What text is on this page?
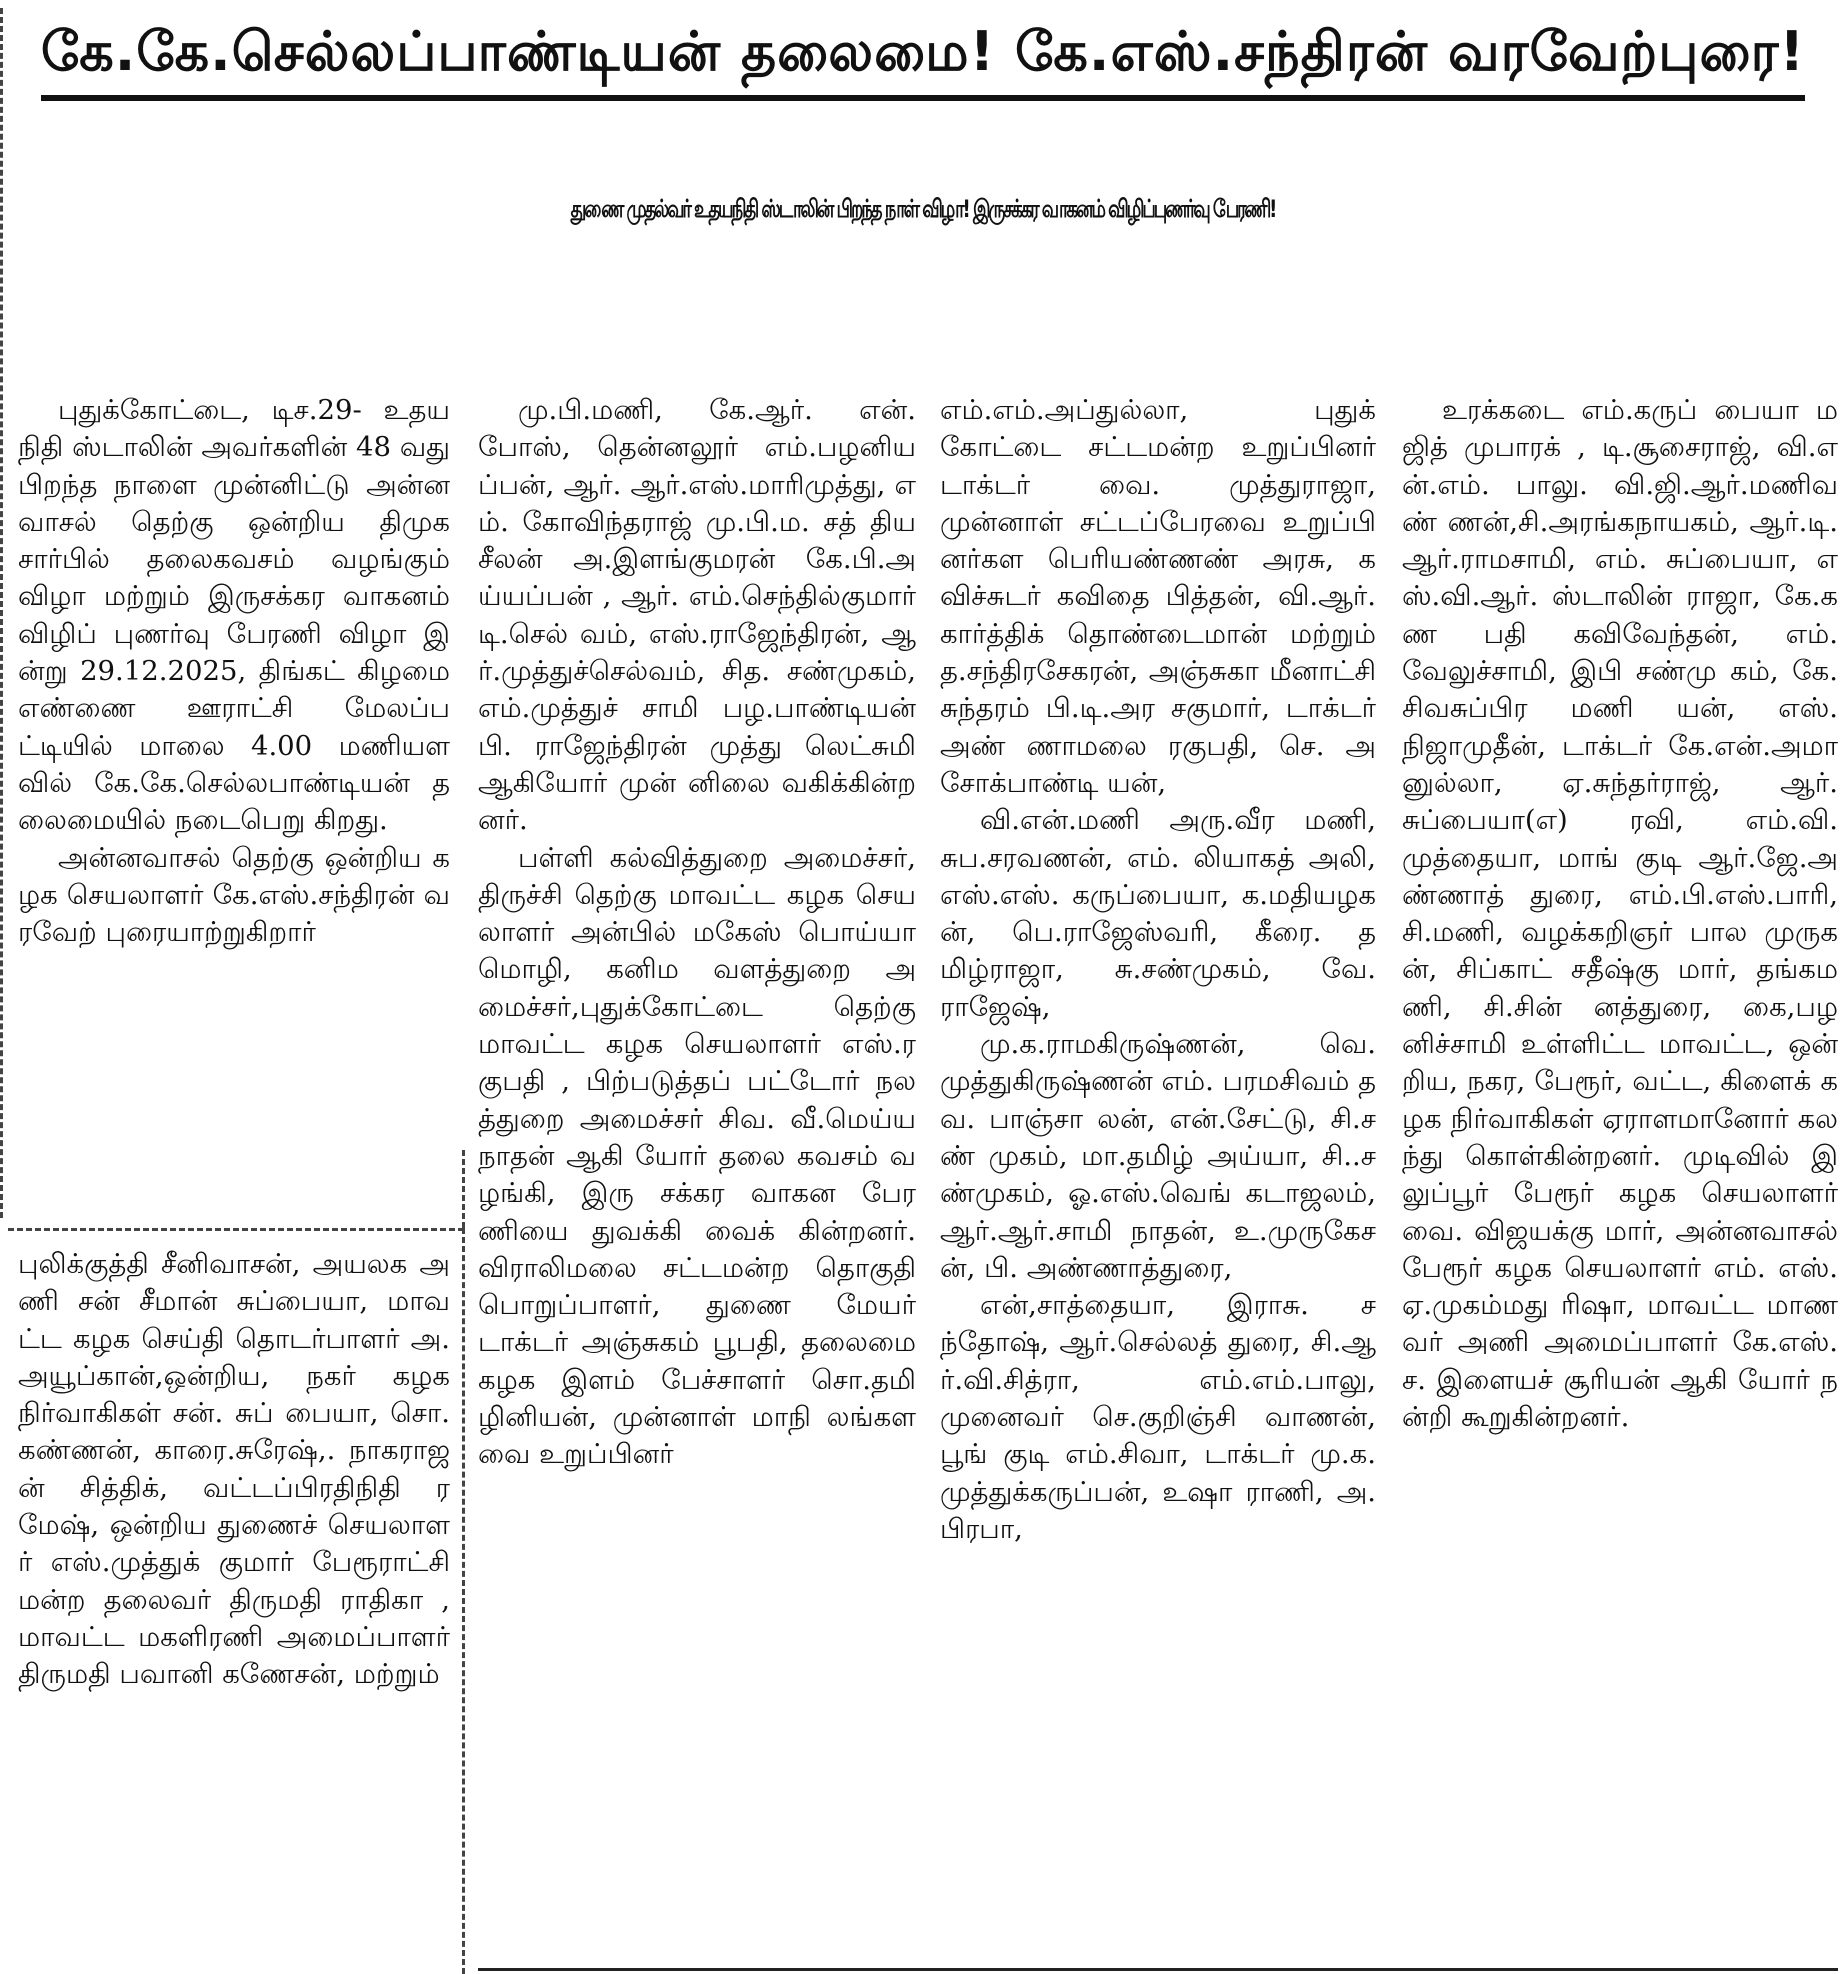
கே.கே.செல்லப்பாண்டியன் தலைமை! கே.எஸ்.சந்திரன் வரவேற்புரை!
துணை முதல்வர் உதயநிதி ஸ்டாலின் பிறந்த நாள் விழா! இருசக்கர வாகனம் விழிப்புணர்வு பேரணி!

புதுக்கோட்டை, டிச.29- உதயநிதி ஸ்டாலின் அவர்களின் 48 வது பிறந்த நாளை முன்னிட்டு அன்ன வாசல் தெற்கு ஒன்றிய திமுக சார்பில் தலைகவசம் வழங்கும் விழா மற்றும் இருசக்கர வாகனம் விழிப் புணர்வு பேரணி விழா இன்று 29.12.2025, திங்கட் கிழமை எண்ணை ஊராட்சி மேலப்பட்டியில் மாலை 4.00 மணியளவில் கே.கே.செல்லபாண்டியன் தலைமையில் நடைபெறு கிறது.

அன்னவாசல் தெற்கு ஒன்றிய கழக செயலாளர் கே.எஸ்.சந்திரன் வரவேற் புரையாற்றுகிறார்

புலிக்குத்தி சீனிவாசன், அயலக அணி சன் சீமான் சுப்பையா, மாவட்ட கழக செய்தி தொடர்பாளர் அ.அயூப்கான்,ஒன்றிய, நகர் கழக நிர்வாகிகள் சன். சுப் பையா, சொ.கண்ணன், காரை.சுரேஷ்,. நாகராஜன் சித்திக், வட்டப்பிரதிநிதி ரமேஷ், ஒன்றிய துணைச் செயலாளர் எஸ்.முத்துக் குமார் பேரூராட்சி மன்ற தலைவர் திருமதி ராதிகா , மாவட்ட மகளிரணி அமைப்பாளர் திருமதி பவானி கணேசன், மற்றும்

மு.பி.மணி, கே.ஆர். என்.போஸ், தென்னலூர் எம்.பழனியப்பன், ஆர். ஆர்.எஸ்.மாரிமுத்து, எம். கோவிந்தராஜ் மு.பி.ம. சத் தியசீலன் அ.இளங்குமரன் கே.பி.அய்யப்பன் , ஆர். எம்.செந்தில்குமார் டி.செல் வம், எஸ்.ராஜேந்திரன், ஆர்.முத்துச்செல்வம், சித. சண்முகம், எம்.முத்துச் சாமி பழ.பாண்டியன் பி. ராஜேந்திரன் முத்து லெட்சுமி ஆகியோர் முன் னிலை வகிக்கின்றனர்.

பள்ளி கல்வித்துறை அமைச்சர், திருச்சி தெற்கு மாவட்ட கழக செயலாளர் அன்பில் மகேஸ் பொய்யா மொழி, கனிம வளத்துறை அமைச்சர்,புதுக்கோட்டை தெற்கு மாவட்ட கழக செயலாளர் எஸ்.ரகுபதி , பிற்படுத்தப் பட்டோர் நலத்துறை அமைச்சர் சிவ. வீ.மெய்யநாதன் ஆகி யோர் தலை கவசம் வழங்கி, இரு சக்கர வாகன பேரணியை துவக்கி வைக் கின்றனர். விராலிமலை சட்டமன்ற தொகுதி பொறுப்பாளர், துணை மேயர் டாக்டர் அஞ்சுகம் பூபதி, தலைமை கழக இளம் பேச்சாளர் சொ.தமி ழினியன், முன்னாள் மாநி லங்களவை உறுப்பினர்

எம்.எம்.அப்துல்லா, புதுக் கோட்டை சட்டமன்ற உறுப்பினர் டாக்டர் வை. முத்துராஜா, முன்னாள் சட்டப்பேரவை உறுப்பி னர்கள பெரியண்ணண் அரசு, கவிச்சுடர் கவிதை பித்தன், வி.ஆர்.கார்த்திக் தொண்டைமான் மற்றும் த.சந்திரசேகரன், அஞ்சுகா மீனாட்சி சுந்தரம் பி.டி.அர சகுமார், டாக்டர் அண் ணாமலை ரகுபதி, செ. அசோக்பாண்டி யன்,

வி.என்.மணி அரு.வீர மணி, சுப.சரவணன், எம். லியாகத் அலி, எஸ்.எஸ். கருப்பையா, க.மதியழகன், பெ.ராஜேஸ்வரி, கீரை. தமிழ்ராஜா, சு.சண்முகம், வே.ராஜேஷ்,

மு.க.ராமகிருஷ்ணன், வெ.முத்துகிருஷ்ணன் எம். பரமசிவம் தவ. பாஞ்சா லன், என்.சேட்டு, சி.சண் முகம், மா.தமிழ் அய்யா, சி..சண்முகம், ஓ.எஸ்.வெங் கடாஜலம், ஆர்.ஆர்.சாமி நாதன், உ.முருகேசன், பி. அண்ணாத்துரை,

என்,சாத்தையா, இராசு. சந்தோஷ், ஆர்.செல்லத் துரை, சி.ஆர்.வி.சித்ரா, எம்.எம்.பாலு, முனைவர் செ.குறிஞ்சி வாணன், பூங் குடி எம்.சிவா, டாக்டர் மு.க.முத்துக்கருப்பன், உஷா ராணி, அ.பிரபா,

உரக்கடை எம்.கருப் பையா மஜித் முபாரக் , டி.சூசைராஜ், வி.என்.எம். பாலு. வி.ஜி.ஆர்.மணிவண் ணன்,சி.அரங்கநாயகம், ஆர்.டி.ஆர்.ராமசாமி, எம். சுப்பையா, எஸ்.வி.ஆர். ஸ்டாலின் ராஜா, கே.கண பதி கவிவேந்தன், எம். வேலுச்சாமி, இபி சண்மு கம், கே.சிவசுப்பிர மணி யன், எஸ்.நிஜாமுதீன், டாக்டர் கே.என்.அமா னுல்லா, ஏ.சுந்தர்ராஜ், ஆர்.சுப்பையா(எ) ரவி, எம்.வி.முத்தையா, மாங் குடி ஆர்.ஜே.அண்ணாத் துரை, எம்.பி.எஸ்.பாரி, சி.மணி, வழக்கறிஞர் பால முருகன், சிப்காட் சதீஷ்கு மார், தங்கமணி, சி.சின் னத்துரை, கை,பழனிச்சாமி உள்ளிட்ட மாவட்ட, ஒன் றிய, நகர, பேரூர், வட்ட, கிளைக் கழக நிர்வாகிகள் ஏராளமானோர் கலந்து கொள்கின்றனர். முடிவில் இலுப்பூர் பேரூர் கழக செயலாளர் வை. விஜயக்கு மார், அன்னவாசல் பேரூர் கழக செயலாளர் எம். எஸ்.ஏ.முகம்மது ரிஷா, மாவட்ட மாணவர் அணி அமைப்பாளர் கே.எஸ்.ச. இளையச் சூரியன் ஆகி யோர் நன்றி கூறுகின்றனர்.
